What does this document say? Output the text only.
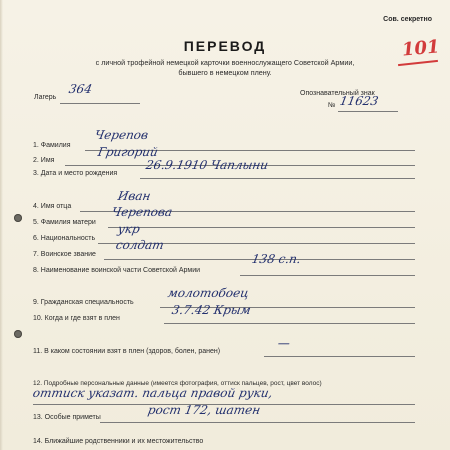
Сов. секретно
101
ПЕРЕВОД
с личной трофейной немецкой карточки военнослужащего Советской Армии,
бывшего в немецком плену.
Лагерь
364	Опознавательный знак
№ 11623
1. Фамилия
Черепов
2. Имя
Григорий
3. Дата и место рождения
26.9.1910 Чаплыни
4. Имя отца
Иван
5. Фамилия матери
Черепова
6. Национальность
укр
7. Воинское звание
солдат
8. Наименование воинской части Советской Армии
138 с.п.
9. Гражданская специальность
молотобоец
10. Когда и где взят в плен
3.7.42 Крым
11. В каком состоянии взят в плен (здоров, болен, ранен)
—
12. Подробные персональные данные (имеется фотография, оттиск пальцев, рост, цвет волос)
оттиск указат. пальца правой руки,
13. Особые приметы
рост 172, шатен
14. Ближайшие родственники и их местожительство
